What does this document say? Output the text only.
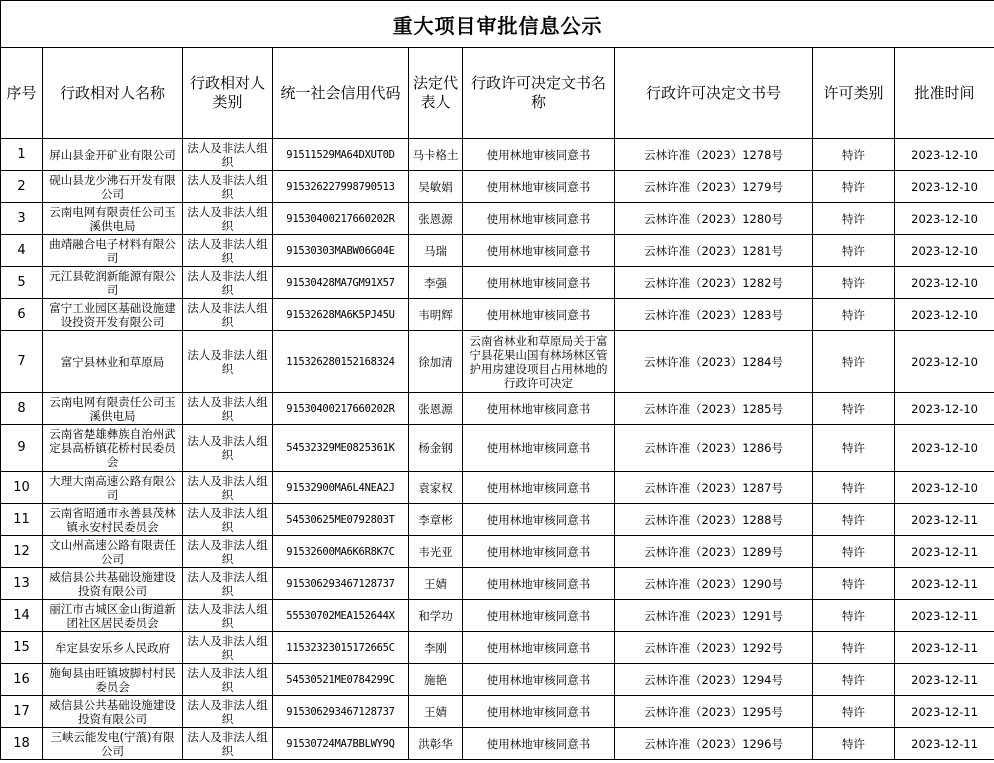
重大项目审批信息公示								
序号	行政相对人名称	行政相对人类别	统一社会信用代码	法定代表人	行政许可决定文书名称	行政许可决定文书号	许可类别	批准时间
1	屏山县金开矿业有限公司	法人及非法人组织	91511529MA64DXUT0D	马卡格土	使用林地审核同意书	云林许准（2023）1278号	特许	2023-12-10
2	砚山县龙少沸石开发有限公司	法人及非法人组织	915326227998790513	吴敏娟	使用林地审核同意书	云林许准（2023）1279号	特许	2023-12-10
3	云南电网有限责任公司玉溪供电局	法人及非法人组织	91530400217660202R	张恩源	使用林地审核同意书	云林许准（2023）1280号	特许	2023-12-10
4	曲靖融合电子材料有限公司	法人及非法人组织	91530303MABW06G04E	马瑞	使用林地审核同意书	云林许准（2023）1281号	特许	2023-12-10
5	元江县乾润新能源有限公司	法人及非法人组织	91530428MA7GM91X57	李强	使用林地审核同意书	云林许准（2023）1282号	特许	2023-12-10
6	富宁工业园区基础设施建设投资开发有限公司	法人及非法人组织	91532628MA6K5PJ45U	韦明辉	使用林地审核同意书	云林许准（2023）1283号	特许	2023-12-10
7	富宁县林业和草原局	法人及非法人组织	115326280152168324	徐加清	云南省林业和草原局关于富宁县花果山国有林场林区管护用房建设项目占用林地的行政许可决定	云林许准（2023）1284号	特许	2023-12-10
8	云南电网有限责任公司玉溪供电局	法人及非法人组织	91530400217660202R	张恩源	使用林地审核同意书	云林许准（2023）1285号	特许	2023-12-10
9	云南省楚雄彝族自治州武定县高桥镇花桥村民委员会	法人及非法人组织	54532329ME0825361K	杨金钢	使用林地审核同意书	云林许准（2023）1286号	特许	2023-12-10
10	大理大南高速公路有限公司	法人及非法人组织	91532900MA6L4NEA2J	袁家权	使用林地审核同意书	云林许准（2023）1287号	特许	2023-12-10
11	云南省昭通市永善县茂林镇永安村民委员会	法人及非法人组织	54530625ME0792803T	李章彬	使用林地审核同意书	云林许准（2023）1288号	特许	2023-12-11
12	文山州高速公路有限责任公司	法人及非法人组织	91532600MA6K6R8K7C	韦光亚	使用林地审核同意书	云林许准（2023）1289号	特许	2023-12-11
13	威信县公共基础设施建设投资有限公司	法人及非法人组织	915306293467128737	王婧	使用林地审核同意书	云林许准（2023）1290号	特许	2023-12-11
14	丽江市古城区金山街道新团社区居民委员会	法人及非法人组织	55530702MEA152644X	和学功	使用林地审核同意书	云林许准（2023）1291号	特许	2023-12-11
15	牟定县安乐乡人民政府	法人及非法人组织	11532323015172665C	李刚	使用林地审核同意书	云林许准（2023）1292号	特许	2023-12-11
16	施甸县由旺镇坡脚村村民委员会	法人及非法人组织	54530521ME0784299C	施艳	使用林地审核同意书	云林许准（2023）1294号	特许	2023-12-11
17	威信县公共基础设施建设投资有限公司	法人及非法人组织	915306293467128737	王婧	使用林地审核同意书	云林许准（2023）1295号	特许	2023-12-11
18	三峡云能发电(宁蒗)有限公司	法人及非法人组织	91530724MA7BBLWY9Q	洪彰华	使用林地审核同意书	云林许准（2023）1296号	特许	2023-12-11
